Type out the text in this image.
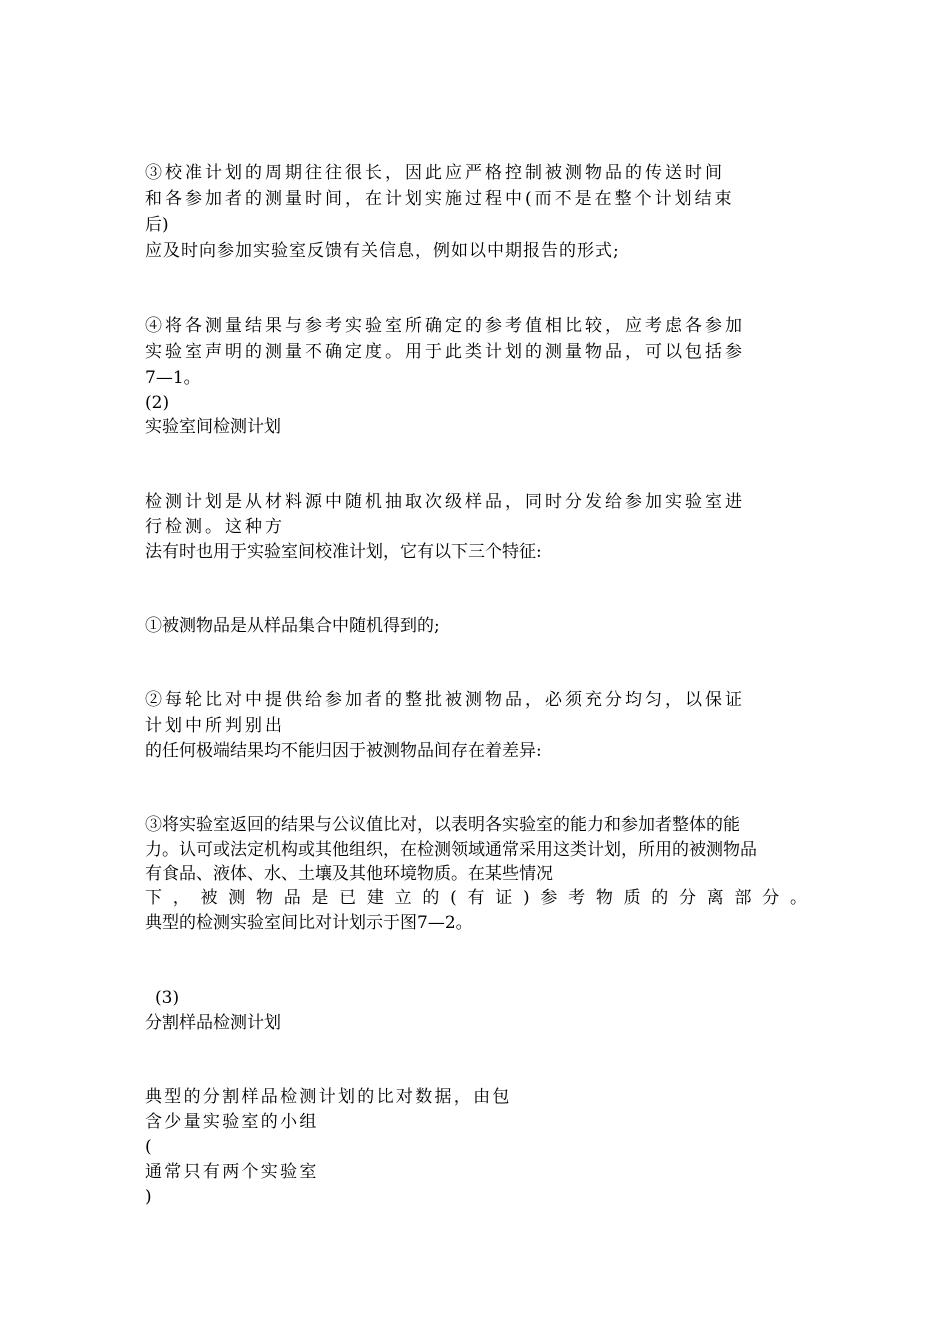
③校准计划的周期往往很长，因此应严格控制被测物品的传送时间
和各参加者的测量时间，在计划实施过程中(而不是在整个计划结束
后)
应及时向参加实验室反馈有关信息，例如以中期报告的形式;
④将各测量结果与参考实验室所确定的参考值相比较，应考虑各参加
实验室声明的测量不确定度。用于此类计划的测量物品，可以包括参
7—1。
(2)
实验室间检测计划
检测计划是从材料源中随机抽取次级样品，同时分发给参加实验室进
行检测。这种方
法有时也用于实验室间校准计划，它有以下三个特征:
①被测物品是从样品集合中随机得到的;
②每轮比对中提供给参加者的整批被测物品，必须充分均匀，以保证
计划中所判别出
的任何极端结果均不能归因于被测物品间存在着差异:
③将实验室返回的结果与公议值比对，以表明各实验室的能力和参加者整体的能
力。认可或法定机构或其他组织，在检测领域通常采用这类计划，所用的被测物品
有食品、液体、水、土壤及其他环境物质。在某些情况
下，被测物品是已建立的(有证)参考物质的分离部分。
典型的检测实验室间比对计划示于图7—2。
(3)
分割样品检测计划
典型的分割样品检测计划的比对数据，由包
含少量实验室的小组
(
通常只有两个实验室
)
